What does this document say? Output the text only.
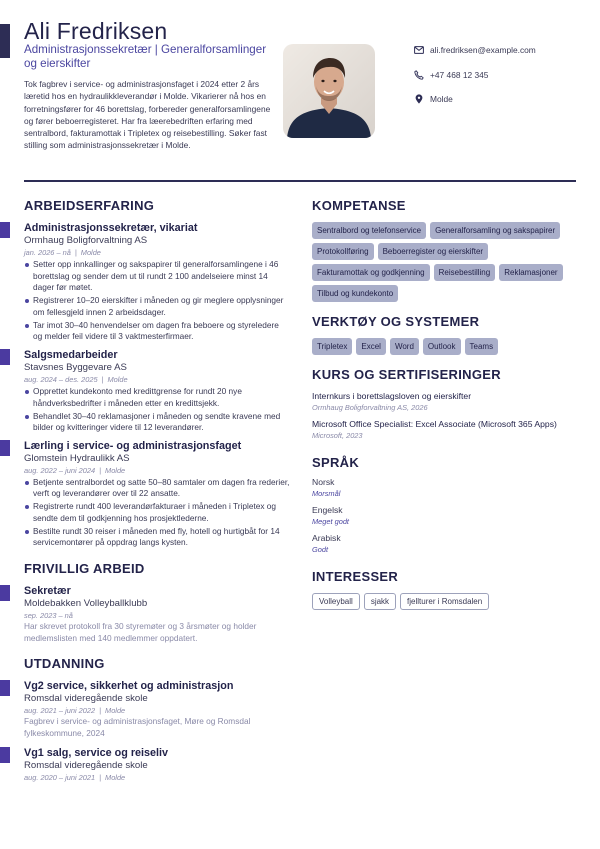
Ali Fredriksen
Administrasjonssekretær | Generalforsamlinger og eierskifter
Tok fagbrev i service- og administrasjonsfaget i 2024 etter 2 års læretid hos en hydraulikkleverandør i Molde. Vikarierer nå hos en forretningsfører for 46 borettslag, forbereder generalforsamlingene og fører beboerregisteret. Har fra læerebedriften erfaring med sentralbord, fakturamottak i Tripletex og reisebestilling. Søker fast stilling som administrasjonssekretær i Molde.
ali.fredriksen@example.com
+47 468 12 345
Molde
ARBEIDSERFARING
Administrasjonssekretær, vikariat
Ormhaug Boligforvaltning AS
jan. 2026 – nå | Molde
Setter opp innkallinger og sakspapirer til generalforsamlingene i 46 borettslag og sender dem ut til rundt 2 100 andelseiere minst 14 dager før møtet.
Registrerer 10–20 eierskifter i måneden og gir meglere opplysninger om fellesgjeld innen 2 arbeidsdager.
Tar imot 30–40 henvendelser om dagen fra beboere og styreledere og melder feil videre til 3 vaktmesterfirmaer.
Salgsmedarbeider
Stavsnes Byggevare AS
aug. 2024 – des. 2025 | Molde
Opprettet kundekonto med kredittgrense for rundt 20 nye håndverksbedrifter i måneden etter en kredittsjekk.
Behandlet 30–40 reklamasjoner i måneden og sendte kravene med bilder og kvitteringer videre til 12 leverandører.
Lærling i service- og administrasjonsfaget
Glomstein Hydraulikk AS
aug. 2022 – juni 2024 | Molde
Betjente sentralbordet og satte 50–80 samtaler om dagen fra rederier, verft og leverandører over til 22 ansatte.
Registrerte rundt 400 leverandørfakturaer i måneden i Tripletex og sendte dem til godkjenning hos prosjektlederne.
Bestilte rundt 30 reiser i måneden med fly, hotell og hurtigbåt for 14 servicemontører på oppdrag langs kysten.
FRIVILLIG ARBEID
Sekretær
Moldebakken Volleyballklubb
sep. 2023 – nå
Har skrevet protokoll fra 30 styremøter og 3 årsmøter og holder medlemslisten med 140 medlemmer oppdatert.
UTDANNING
Vg2 service, sikkerhet og administrasjon
Romsdal videregående skole
aug. 2021 – juni 2022 | Molde
Fagbrev i service- og administrasjonsfaget, Møre og Romsdal fylkeskommune, 2024
Vg1 salg, service og reiseliv
Romsdal videregående skole
aug. 2020 – juni 2021 | Molde
KOMPETANSE
Sentralbord og telefonservice	Generalforsamling og sakspapirer
Protokollføring	Beboerregister og eierskifter
Fakturamottak og godkjenning	Reisebestilling	Reklamasjoner
Tilbud og kundekonto
VERKTØY OG SYSTEMER
Tripletex	Excel	Word	Outlook	Teams
KURS OG SERTIFISERINGER
Internkurs i borettslagsloven og eierskifter
Ormhaug Boligforvaltning AS, 2026
Microsoft Office Specialist: Excel Associate (Microsoft 365 Apps)
Microsoft, 2023
SPRÅK
Norsk
Morsmål
Engelsk
Meget godt
Arabisk
Godt
INTERESSER
Volleyball	sjakk	fjellturer i Romsdalen
